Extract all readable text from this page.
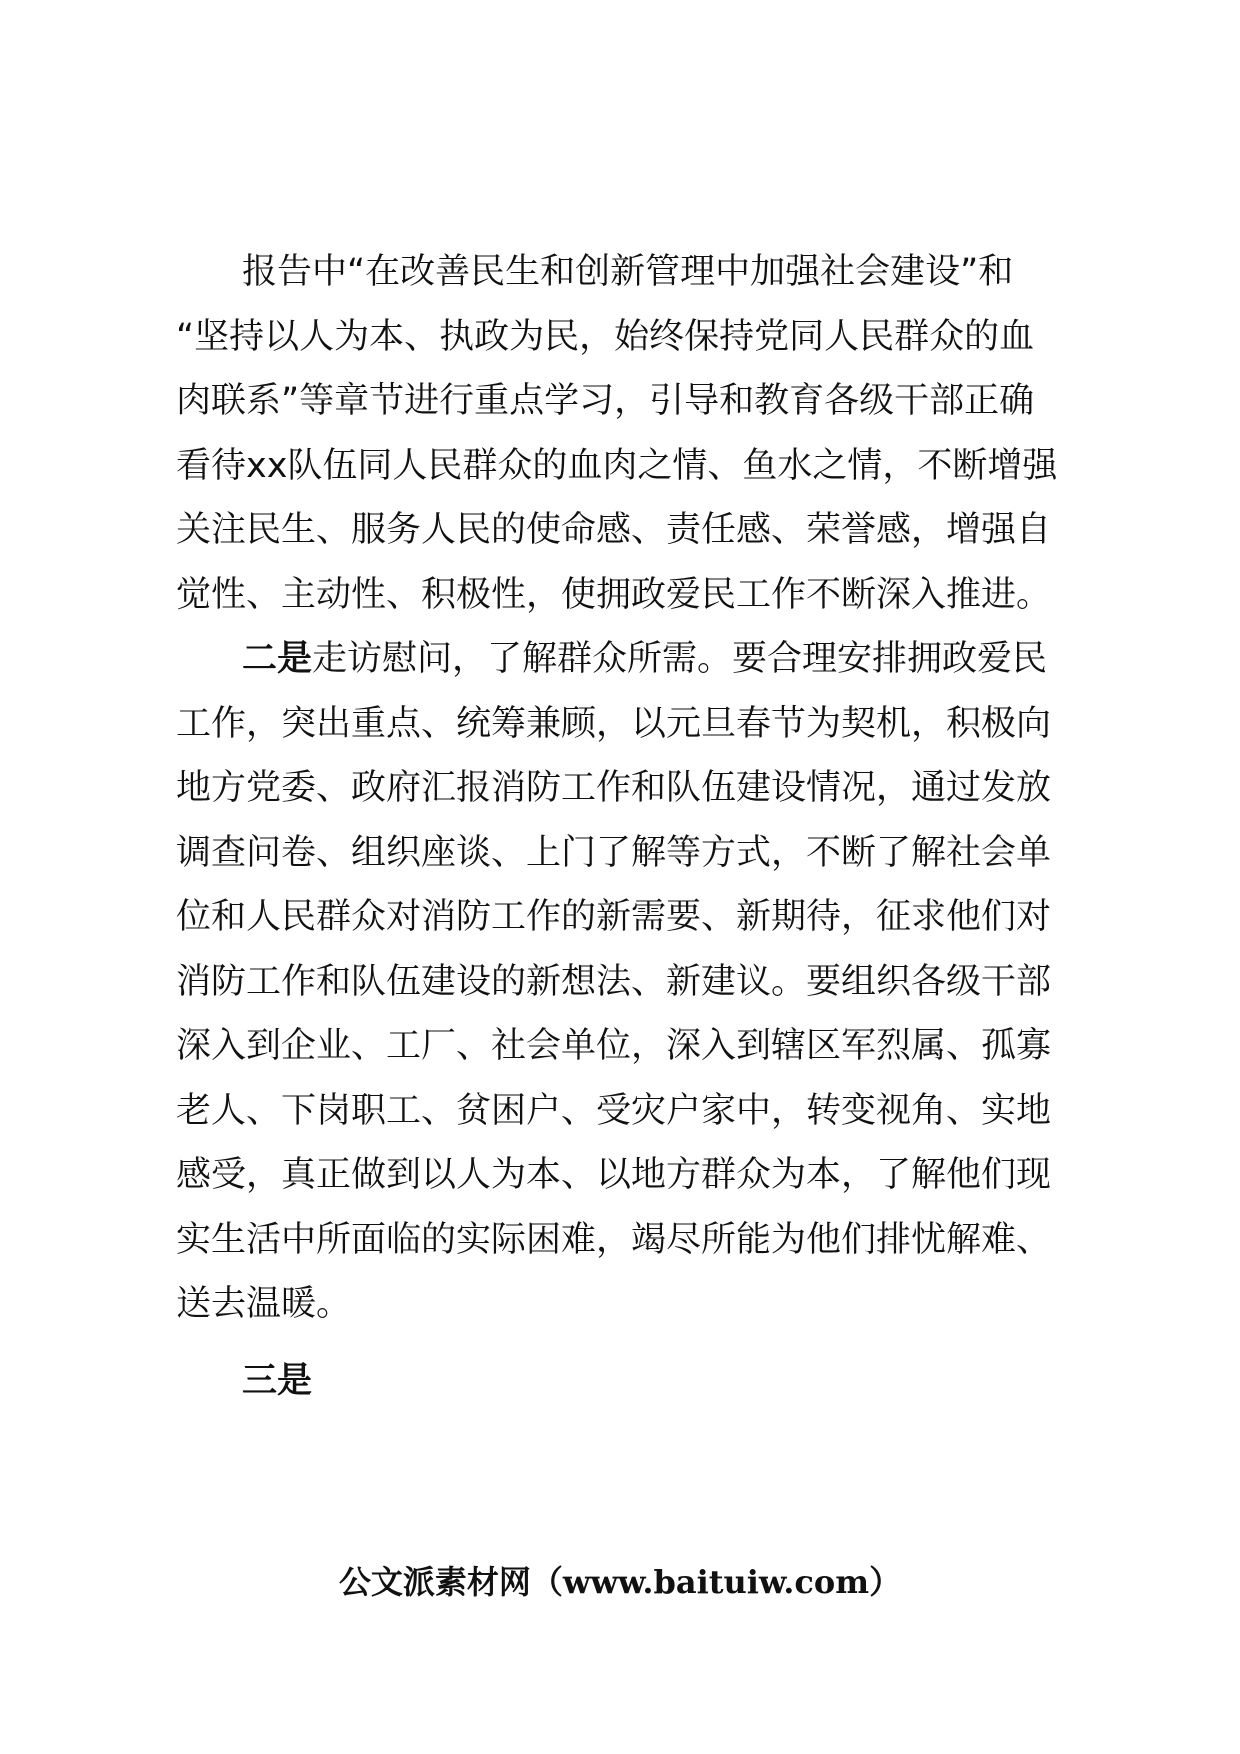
报告中“在改善民生和创新管理中加强社会建设”和
“坚持以人为本、执政为民，始终保持党同人民群众的血
肉联系”等章节进行重点学习，引导和教育各级干部正确
看待xx队伍同人民群众的血肉之情、鱼水之情，不断增强
关注民生、服务人民的使命感、责任感、荣誉感，增强自
觉性、主动性、积极性，使拥政爱民工作不断深入推进。
二是走访慰问，了解群众所需。要合理安排拥政爱民
工作，突出重点、统筹兼顾，以元旦春节为契机，积极向
地方党委、政府汇报消防工作和队伍建设情况，通过发放
调查问卷、组织座谈、上门了解等方式，不断了解社会单
位和人民群众对消防工作的新需要、新期待，征求他们对
消防工作和队伍建设的新想法、新建议。要组织各级干部
深入到企业、工厂、社会单位，深入到辖区军烈属、孤寡
老人、下岗职工、贫困户、受灾户家中，转变视角、实地
感受，真正做到以人为本、以地方群众为本，了解他们现
实生活中所面临的实际困难，竭尽所能为他们排忧解难、
送去温暖。
三是
公文派素材网（www.baituiw.com）
